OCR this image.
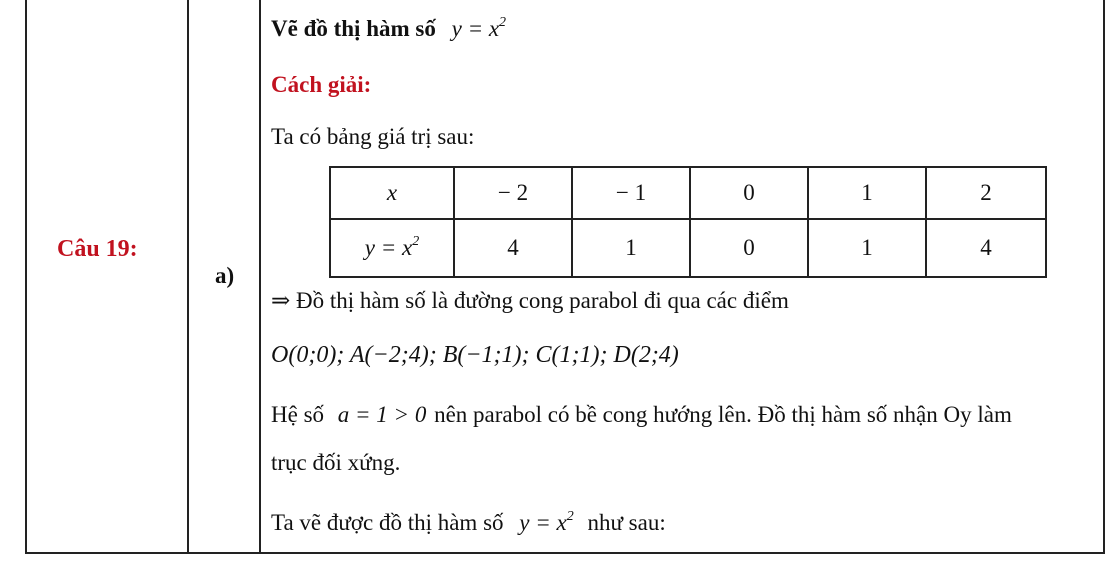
Câu 19:
a)
Vẽ đồ thị hàm số $y = x^2$
Cách giải:
Ta có bảng giá trị sau:
x	− 2	− 1	0	1	2
$y = x^2$	4	1	0	1	4
⇒ Đồ thị hàm số là đường cong parabol đi qua các điểm
O(0;0); A(−2;4); B(−1;1); C(1;1); D(2;4)
Hệ số a = 1 > 0 nên parabol có bề cong hướng lên. Đồ thị hàm số nhận Oy làm
trục đối xứng.
Ta vẽ được đồ thị hàm số $y = x^2$ như sau:
